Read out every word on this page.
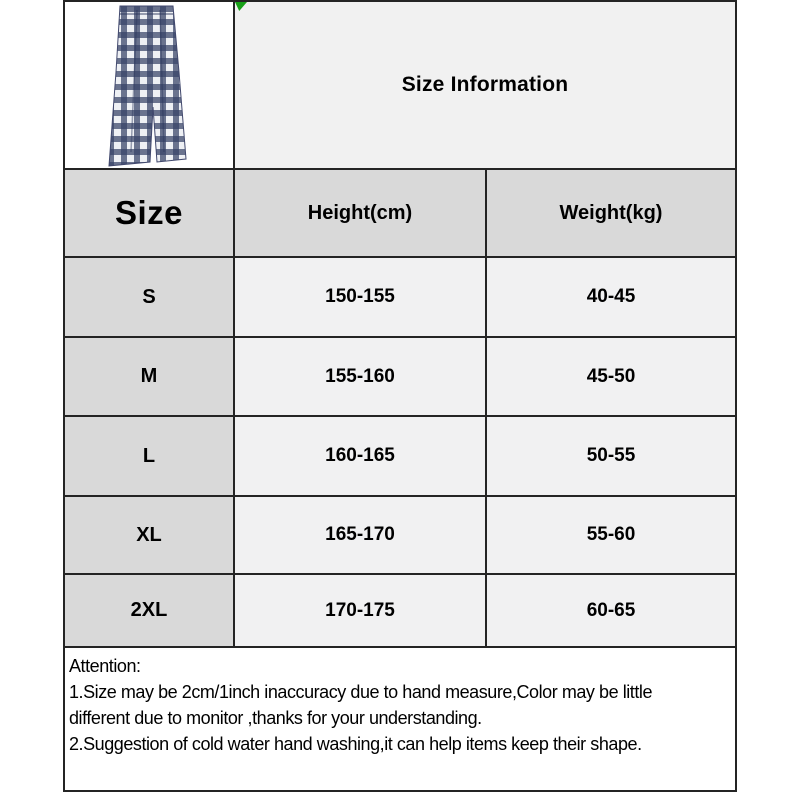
Size Information
Size	Height(cm)	Weight(kg)
S	150-155	40-45
M	155-160	45-50
L	160-165	50-55
XL	165-170	55-60
2XL	170-175	60-65
Attention:
1.Size may be 2cm/1inch inaccuracy due to hand measure,Color may be little
different due to monitor ,thanks for your understanding.
2.Suggestion of cold water hand washing,it can help items keep their shape.
